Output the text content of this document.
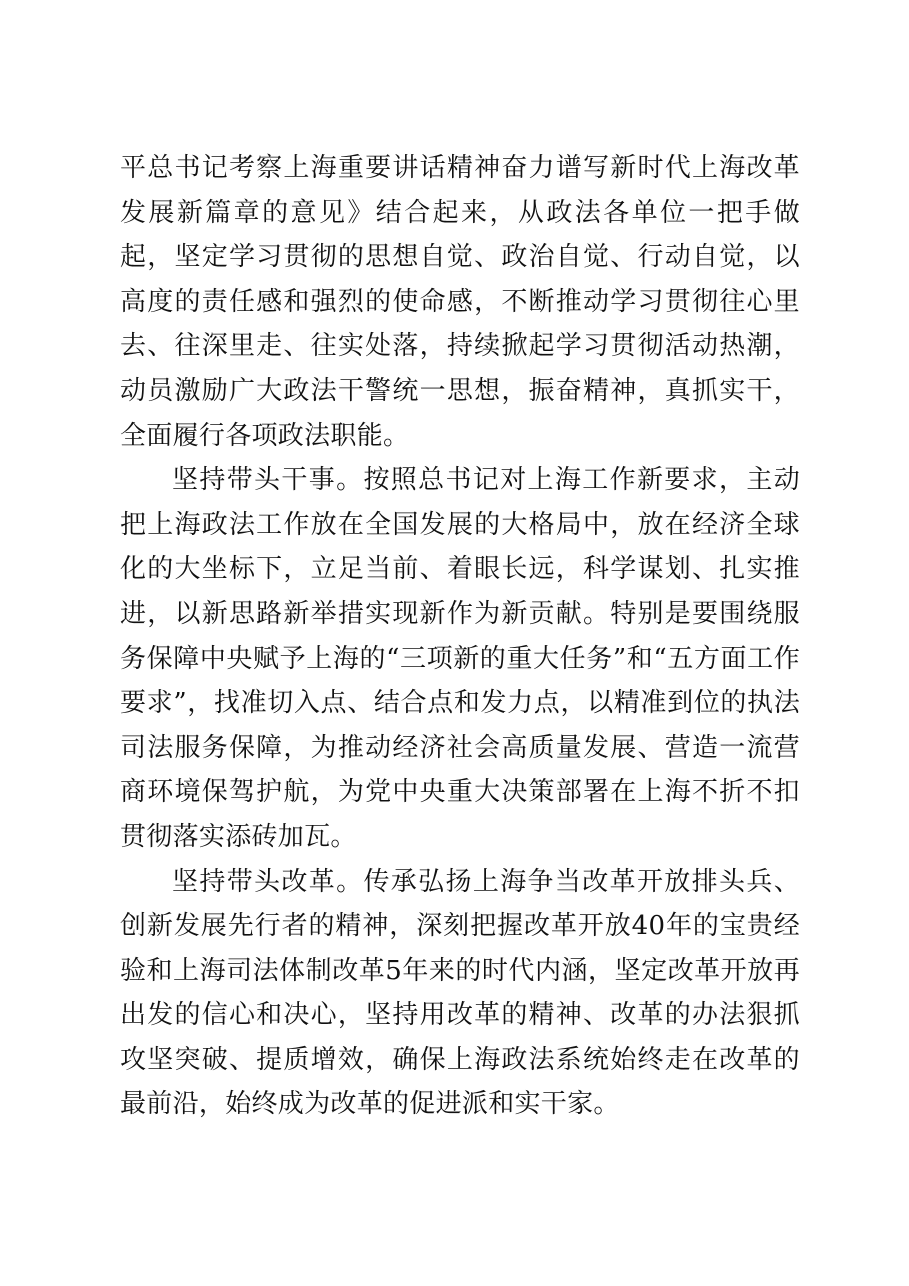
平总书记考察上海重要讲话精神奋力谱写新时代上海改革发展新篇章的意见》结合起来，从政法各单位一把手做起，坚定学习贯彻的思想自觉、政治自觉、行动自觉，以高度的责任感和强烈的使命感，不断推动学习贯彻往心里去、往深里走、往实处落，持续掀起学习贯彻活动热潮，动员激励广大政法干警统一思想，振奋精神，真抓实干，全面履行各项政法职能。

坚持带头干事。按照总书记对上海工作新要求，主动把上海政法工作放在全国发展的大格局中，放在经济全球化的大坐标下，立足当前、着眼长远，科学谋划、扎实推进，以新思路新举措实现新作为新贡献。特别是要围绕服务保障中央赋予上海的“三项新的重大任务”和“五方面工作要求”，找准切入点、结合点和发力点，以精准到位的执法司法服务保障，为推动经济社会高质量发展、营造一流营商环境保驾护航，为党中央重大决策部署在上海不折不扣贯彻落实添砖加瓦。

坚持带头改革。传承弘扬上海争当改革开放排头兵、创新发展先行者的精神，深刻把握改革开放40年的宝贵经验和上海司法体制改革5年来的时代内涵，坚定改革开放再出发的信心和决心，坚持用改革的精神、改革的办法狠抓攻坚突破、提质增效，确保上海政法系统始终走在改革的最前沿，始终成为改革的促进派和实干家。
